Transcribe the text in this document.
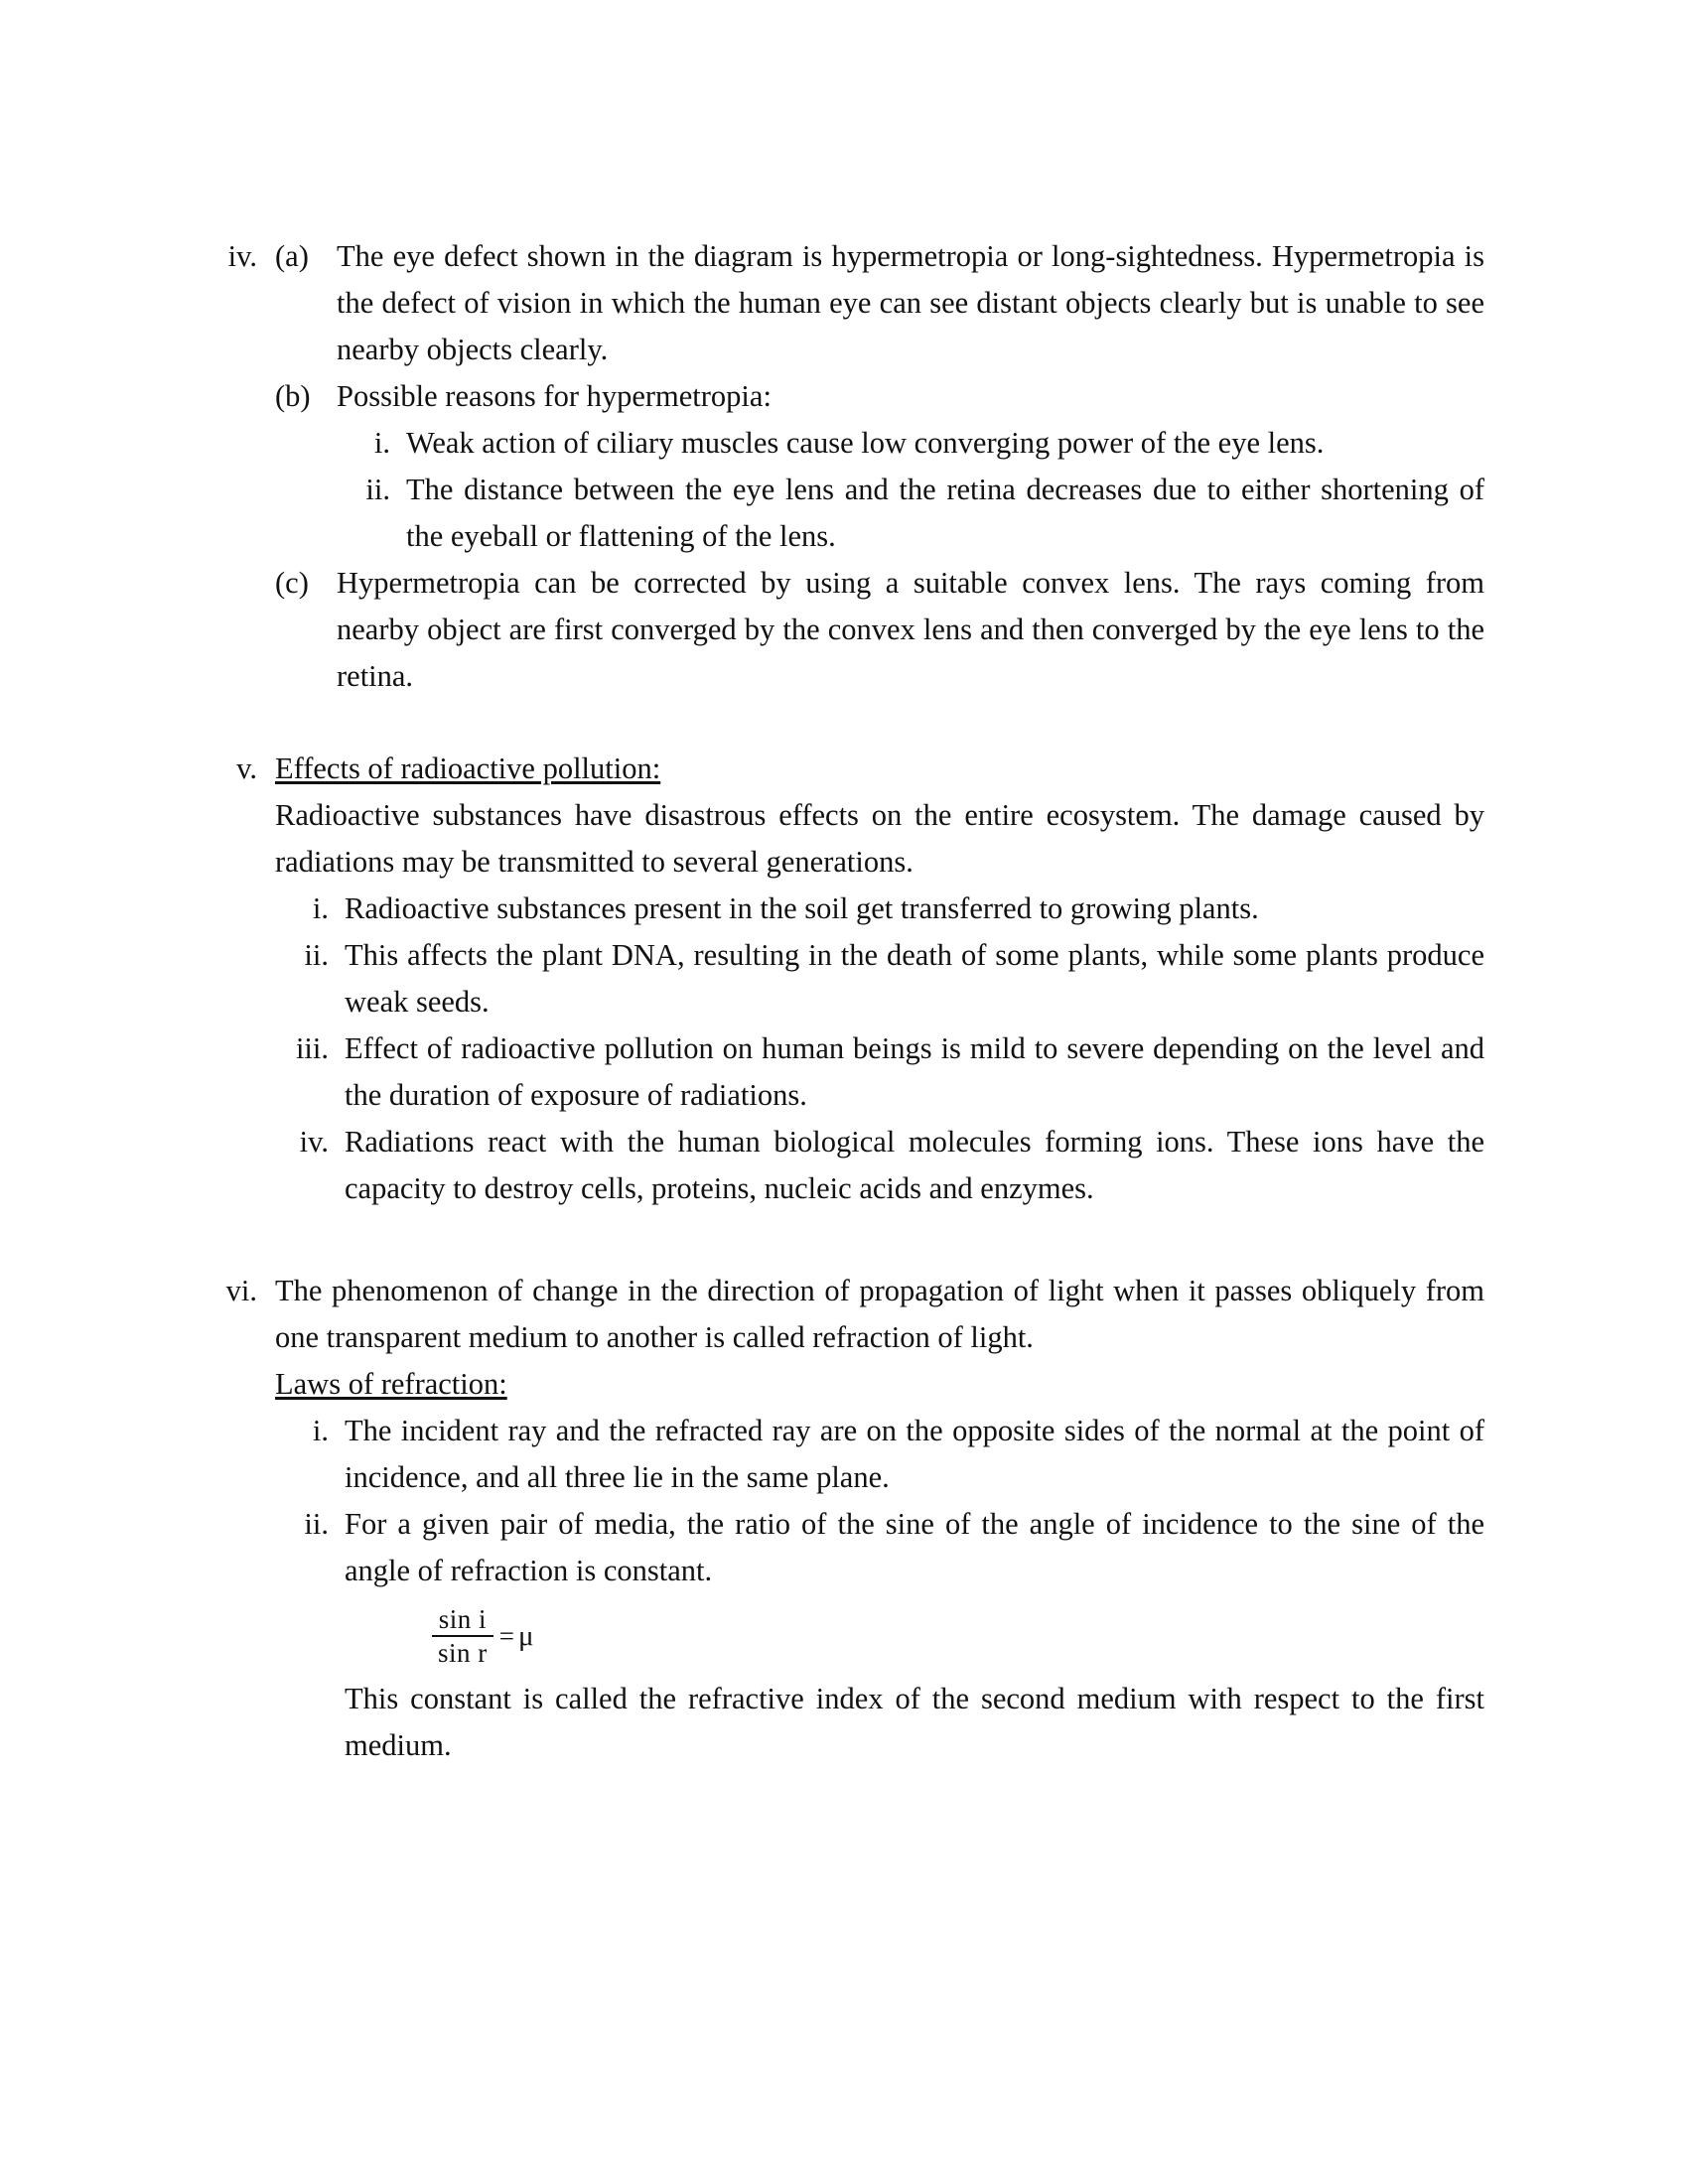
iv. (a) The eye defect shown in the diagram is hypermetropia or long-sightedness. Hypermetropia is the defect of vision in which the human eye can see distant objects clearly but is unable to see nearby objects clearly.

(b) Possible reasons for hypermetropia:

i. Weak action of ciliary muscles cause low converging power of the eye lens.

ii. The distance between the eye lens and the retina decreases due to either shortening of the eyeball or flattening of the lens.

(c) Hypermetropia can be corrected by using a suitable convex lens. The rays coming from nearby object are first converged by the convex lens and then converged by the eye lens to the retina.

v. Effects of radioactive pollution:

Radioactive substances have disastrous effects on the entire ecosystem. The damage caused by radiations may be transmitted to several generations.

i. Radioactive substances present in the soil get transferred to growing plants.

ii. This affects the plant DNA, resulting in the death of some plants, while some plants produce weak seeds.

iii. Effect of radioactive pollution on human beings is mild to severe depending on the level and the duration of exposure of radiations.

iv. Radiations react with the human biological molecules forming ions. These ions have the capacity to destroy cells, proteins, nucleic acids and enzymes.

vi. The phenomenon of change in the direction of propagation of light when it passes obliquely from one transparent medium to another is called refraction of light.

Laws of refraction:

i. The incident ray and the refracted ray are on the opposite sides of the normal at the point of incidence, and all three lie in the same plane.

ii. For a given pair of media, the ratio of the sine of the angle of incidence to the sine of the angle of refraction is constant.

$\frac{\text{sin i}}{\text{sin r}} = \mu$

This constant is called the refractive index of the second medium with respect to the first medium.
